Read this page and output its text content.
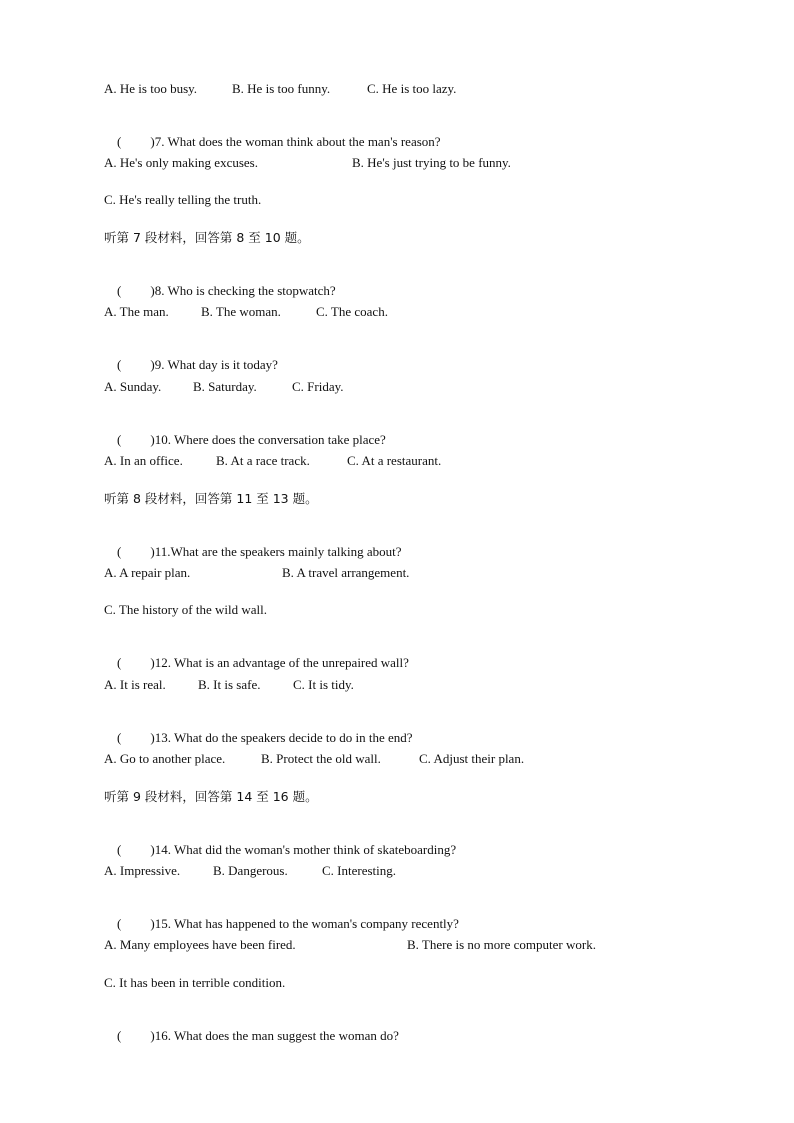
A. He is too busy.

	B. He is too funny.

	C. He is too lazy.

( )7. What does the woman think about the man's reason?

A. He's only making excuses.

	B. He's just trying to be funny.

C. He's really telling the truth.

听第 7 段材料，回答第 8 至 10 题。

( )8. Who is checking the stopwatch?

A. The man.

B. The woman.

	C. The coach.

( )9. What day is it today?

A. Sunday.

B. Saturday.

	C. Friday.

( )10. Where does the conversation take place?

A. In an office.

	B. At a race track.

	C. At a restaurant.

听第 8 段材料，回答第 11 至 13 题。

( )11.What are the speakers mainly talking about?

A. A repair plan.

	B. A travel arrangement.

C. The history of the wild wall.

( )12. What is an advantage of the unrepaired wall?

A. It is real.

B. It is safe.

	C. It is tidy.

( )13. What do the speakers decide to do in the end?

A. Go to another place.

	B. Protect the old wall.

	C. Adjust their plan.

听第 9 段材料，回答第 14 至 16 题。

( )14. What did the woman's mother think of skateboarding?

A. Impressive.

	B. Dangerous.

	C. Interesting.

( )15. What has happened to the woman's company recently?

A. Many employees have been fired.

	B. There is no more computer work.

C. It has been in terrible condition.

( )16. What does the man suggest the woman do?
